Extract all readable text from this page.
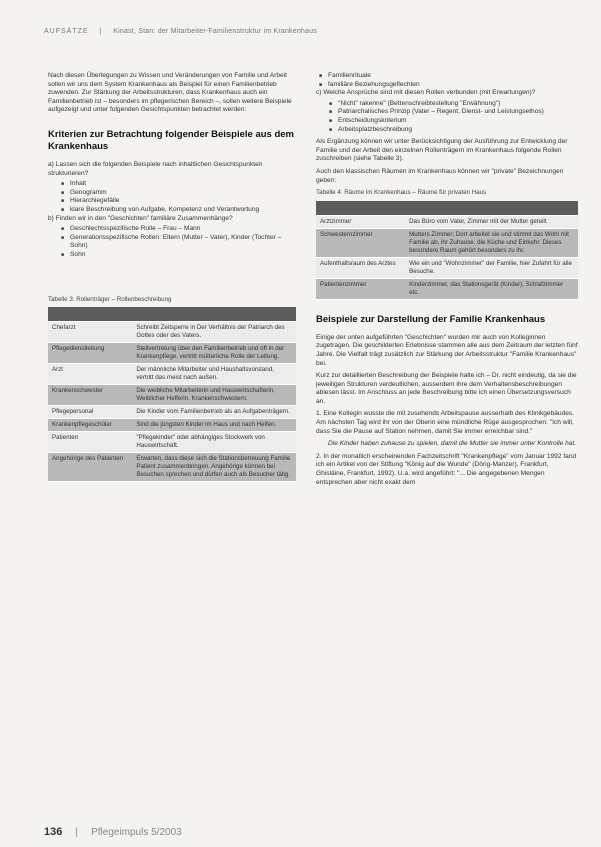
AUFSÄTZE | Kinast, Stan: der Mitarbeiter-Familienstruktur im Krankenhaus

Nach diesen Überlegungen zu Wissen und Veränderungen von Familie und Arbeit sollen wir uns dem System Krankenhaus als Beispiel für einen Familienbetrieb zuwenden. Zur Stärkung der Arbeitsstrukturen, dass Krankenhaus auch ein Familienbetrieb ist – besonders im pflegerischen Bereich –, sollen weitere Beispiele aufgezeigt und unter folgenden Gesichtspunkten betrachtet werden:

Kriterien zur Betrachtung folgender Beispiele aus dem Krankenhaus

a) Lassen sich die folgenden Beispiele nach inhaltlichen Gesichtspunkten strukturieren?

■ Inhalt
■ Genogramm
■ Hierarchiegefälle
■ klare Beschreibung von Aufgabe, Kompetenz und Verantwortung

b) Finden wir in den "Geschichten" familiäre Zusammenhänge?

■ Geschlechtsspezifische Rolle – Frau – Mann
■ Generationsspezifische Rollen: Eltern (Mutter – Vater), Kinder (Tochter – Sohn)
■ Sohn
Tabelle 3: Rollenträger – Rollenbeschreibung

Chefarzt	Schreibt Zeitsperre in Der Verhältnis der Patriarch des Gottes oder des Vaters.
Pflegedienstleitung	Stellvertretung über den Familienbetrieb und oft in der Krankenpflege, vertritt mütterliche Rolle der Leitung.
Arzt	Der männliche Mitarbeiter und Haushaltsvorstand, vertritt das meist nach außen.
Krankenschwester	Die weibliche Mitarbeiterin und Hauswirtschafterin, Weiblicher Helferin. Krankenschwestern.
Pflegepersonal	Die Kinder vom Familienbetrieb als an Aufgabenträgern.
Krankenpflegeschüler	Sind die jüngsten Kinder im Haus und nach Helfen.
Patienten	"Pflegekinder" oder abhängiges Stockwerk von Hauswirtschaft.
Angehörige des Patienten	Erwarten, dass diese sich die Stationsbetreuung Familie Patient zusammenbringen. Angehörige können bei Besuchen sprechen und dürfen auch als Besucher tätig.
■ Familienrituale
■ familiäre Beziehungsgeflechten

c) Welche Ansprüche sind mit diesen Rollen verbunden (mit Erwartungen)?

■ "Nicht" rakenne" (Bettenschreibtestellung "Erwähnung")
■ Patriarchalisches Prinzip (Vater – Regent, Dienst- und Leistungsethos)
■ Entscheidungskriterium
■ Arbeitsplatzbeschreibung

Als Ergänzung können wir unter Berücksichtigung der Ausführung zur Entwicklung der Familie und der Arbeit den einzelnen Rollenträgern im Krankenhaus folgende Rollen zuschreiben (siehe Tabelle 3).

Auch den klassischen Räumen im Krankenhaus können wir "private" Bezeichnungen geben:

Tabelle 4: Räume im Krankenhaus – Räume für privaten Haus

Arztzimmer	Das Büro vom Vater, Zimmer mit der Mutter geteilt
Schwesternzimmer	Mutters Zimmer; Dort arbeitet sie und stimmt das Wohl mit Familie ab, ihr Zuhause, die Küche und Einkehr. Dieses besondere Raum gehört besonders zu ihr.
Aufenthaltsraum des Arztes	Wie ein und "Wohnzimmer" der Familie, hier Zufahrt für alle Besuche.
Patientenzimmer	Kinderzimmer, das Stationsgerät (Kinder), Schlafzimmer etc.
Beispiele zur Darstellung der Familie Krankenhaus

Einige der unten aufgeführten "Geschichten" wurden mir auch von Kolleginnen zugetragen. Die geschilderten Erlebnisse stammen alle aus dem Zeitraum der letzten fünf Jahre. Die Vielfalt trägt zusätzlich zur Stärkung der Arbeitsstruktur "Familie Krankenhaus" bei.

Kurz zur detaillierten Beschreibung der Beispiele halte ich – Dr. nicht eindeutig, da sie die jeweiligen Strukturen verdeutlichen, ausserdem ihre dem Verhaltensbeschreibungen ablesen lässt. Im Anschluss an jede Beschreibung bitte ich einen Übersetzungsversuch an.

1. Eine Kollegin wusste die mit zusehends Arbeitspause ausserhalb des Klinikgebäudes. Am nächsten Tag wird ihr von der Oberin eine mündliche Rüge ausgesprochen: "Ich will, dass Sie die Pause auf Station nehmen, damit Sie immer erreichbar sind."

Die Kinder haben zuhause zu spielen, damit die Mutter sie immer unter Kontrolle hat.

2. In der monatlich erscheinenden Fachzeitschrift "Krankenpflege" vom Januar 1992 fand ich ein Artikel von der Stiftung "König auf die Wunde" (Dörig-Manzer), Frankfurt, Ghisläine, Frankfurt, 1992). U.a. wird angeführt: "... Die angegebenen Mengen entsprechen aber nicht exakt dem

136 | Pflegeimpuls 5/2003
